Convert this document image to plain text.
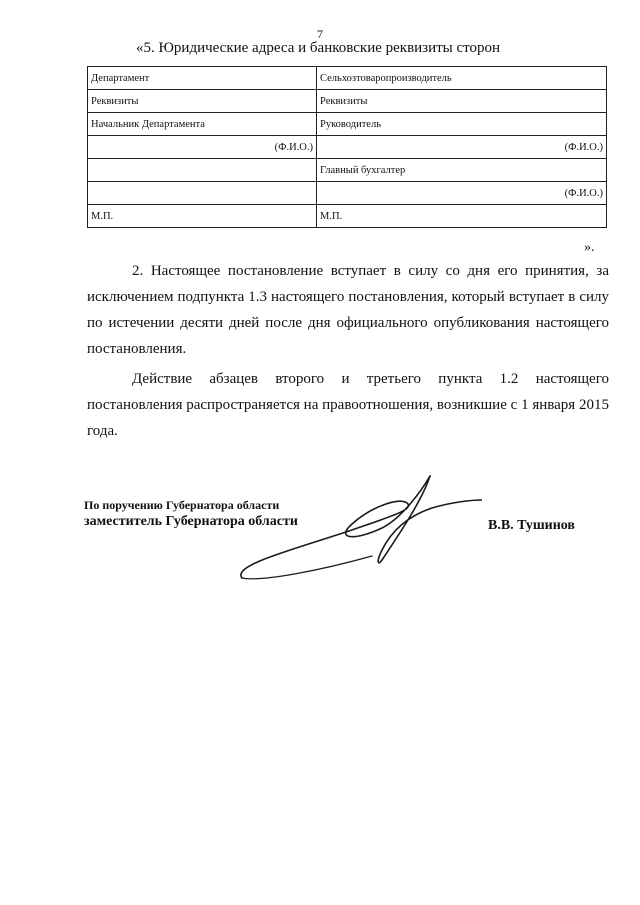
7
«5. Юридические адреса и банковские реквизиты сторон
Департамент	Сельхозтоваропроизводитель
Реквизиты	Реквизиты
Начальник Департамента	Руководитель
(Ф.И.О.)	(Ф.И.О.)
	Главный бухгалтер
	(Ф.И.О.)
М.П.	М.П.
».
2. Настоящее постановление вступает в силу со дня его принятия, за исключением подпункта 1.3 настоящего постановления, который вступает в силу по истечении десяти дней после дня официального опубликования настоящего постановления.
Действие абзацев второго и третьего пункта 1.2 настоящего постановления распространяется на правоотношения, возникшие с 1 января 2015 года.
По поручению Губернатора области
заместитель Губернатора области	В.В. Тушинов
